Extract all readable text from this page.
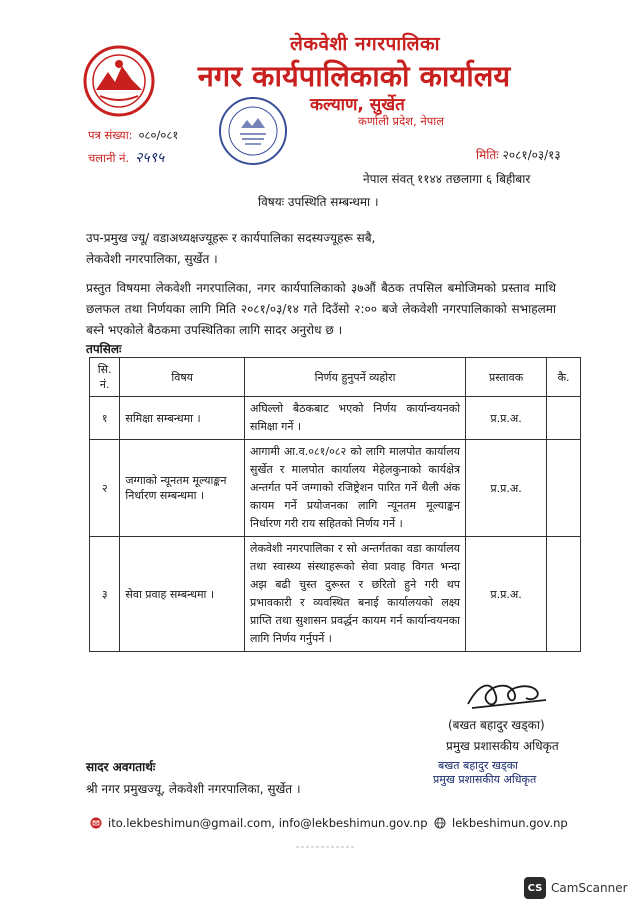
लेकवेशी नगरपालिका
नगर कार्यपालिकाको कार्यालय
कल्याण, सुर्खेत
कर्णाली प्रदेश, नेपाल
पत्र संख्या: ०८०/०८१
चलानी नं. २५९५	मितिः २०८१/०३/१३
नेपाल संवत् ११४४ तछलागा ६ बिहीबार
विषयः उपस्थिति सम्बन्धमा ।
उप-प्रमुख ज्यू/ वडाअध्यक्षज्यूहरू र कार्यपालिका सदस्यज्यूहरू सबै,
लेकवेशी नगरपालिका, सुर्खेत ।
प्रस्तुत विषयमा लेकवेशी नगरपालिका, नगर कार्यपालिकाको ३७औं बैठक तपसिल बमोजिमको प्रस्ताव माथि छलफल तथा निर्णयका लागि मिति २०८१/०३/१४ गते दिउँसो २:०० बजे लेकवेशी नगरपालिकाको सभाहलमा बस्ने भएकोले बैठकमा उपस्थितिका लागि सादर अनुरोध छ ।
तपसिलः
सि. नं.	विषय	निर्णय हुनुपर्ने व्यहोरा	प्रस्तावक	कै.
१	समिक्षा सम्बन्धमा ।	अघिल्लो बैठकबाट भएको निर्णय कार्यान्वयनको समिक्षा गर्ने ।	प्र.प्र.अ.	
२	जग्गाको न्यूनतम मूल्याङ्कन निर्धारण सम्बन्धमा ।	आगामी आ.व.०८१/०८२ को लागि मालपोत कार्यालय सुर्खेत र मालपोत कार्यालय मेहेलकुनाको कार्यक्षेत्र अन्तर्गत पर्ने जग्गाको रजिष्ट्रेशन पारित गर्ने थैली अंक कायम गर्ने प्रयोजनका लागि न्यूनतम मूल्याङ्कन निर्धारण गरी राय सहितको निर्णय गर्ने ।	प्र.प्र.अ.	
३	सेवा प्रवाह सम्बन्धमा ।	लेकवेशी नगरपालिका र सो अन्तर्गतका वडा कार्यालय तथा स्वास्थ्य संस्थाहरूको सेवा प्रवाह विगत भन्दा अझ बढी चुस्त दुरूस्त र छरितो हुने गरी थप प्रभावकारी र व्यवस्थित बनाई कार्यालयको लक्ष्य प्राप्ति तथा सुशासन प्रवर्द्धन कायम गर्न कार्यान्वयनका लागि निर्णय गर्नुपर्ने ।	प्र.प्र.अ.	
(बखत बहादुर खड्का)
प्रमुख प्रशासकीय अधिकृत
बखत बहादुर खड्का
प्रमुख प्रशासकीय अधिकृत
सादर अवगतार्थः
श्री नगर प्रमुखज्यू, लेकवेशी नगरपालिका, सुर्खेत ।
ito.lekbeshimun@gmail.com, info@lekbeshimun.gov.np lekbeshimun.gov.np
CS CamScanner
